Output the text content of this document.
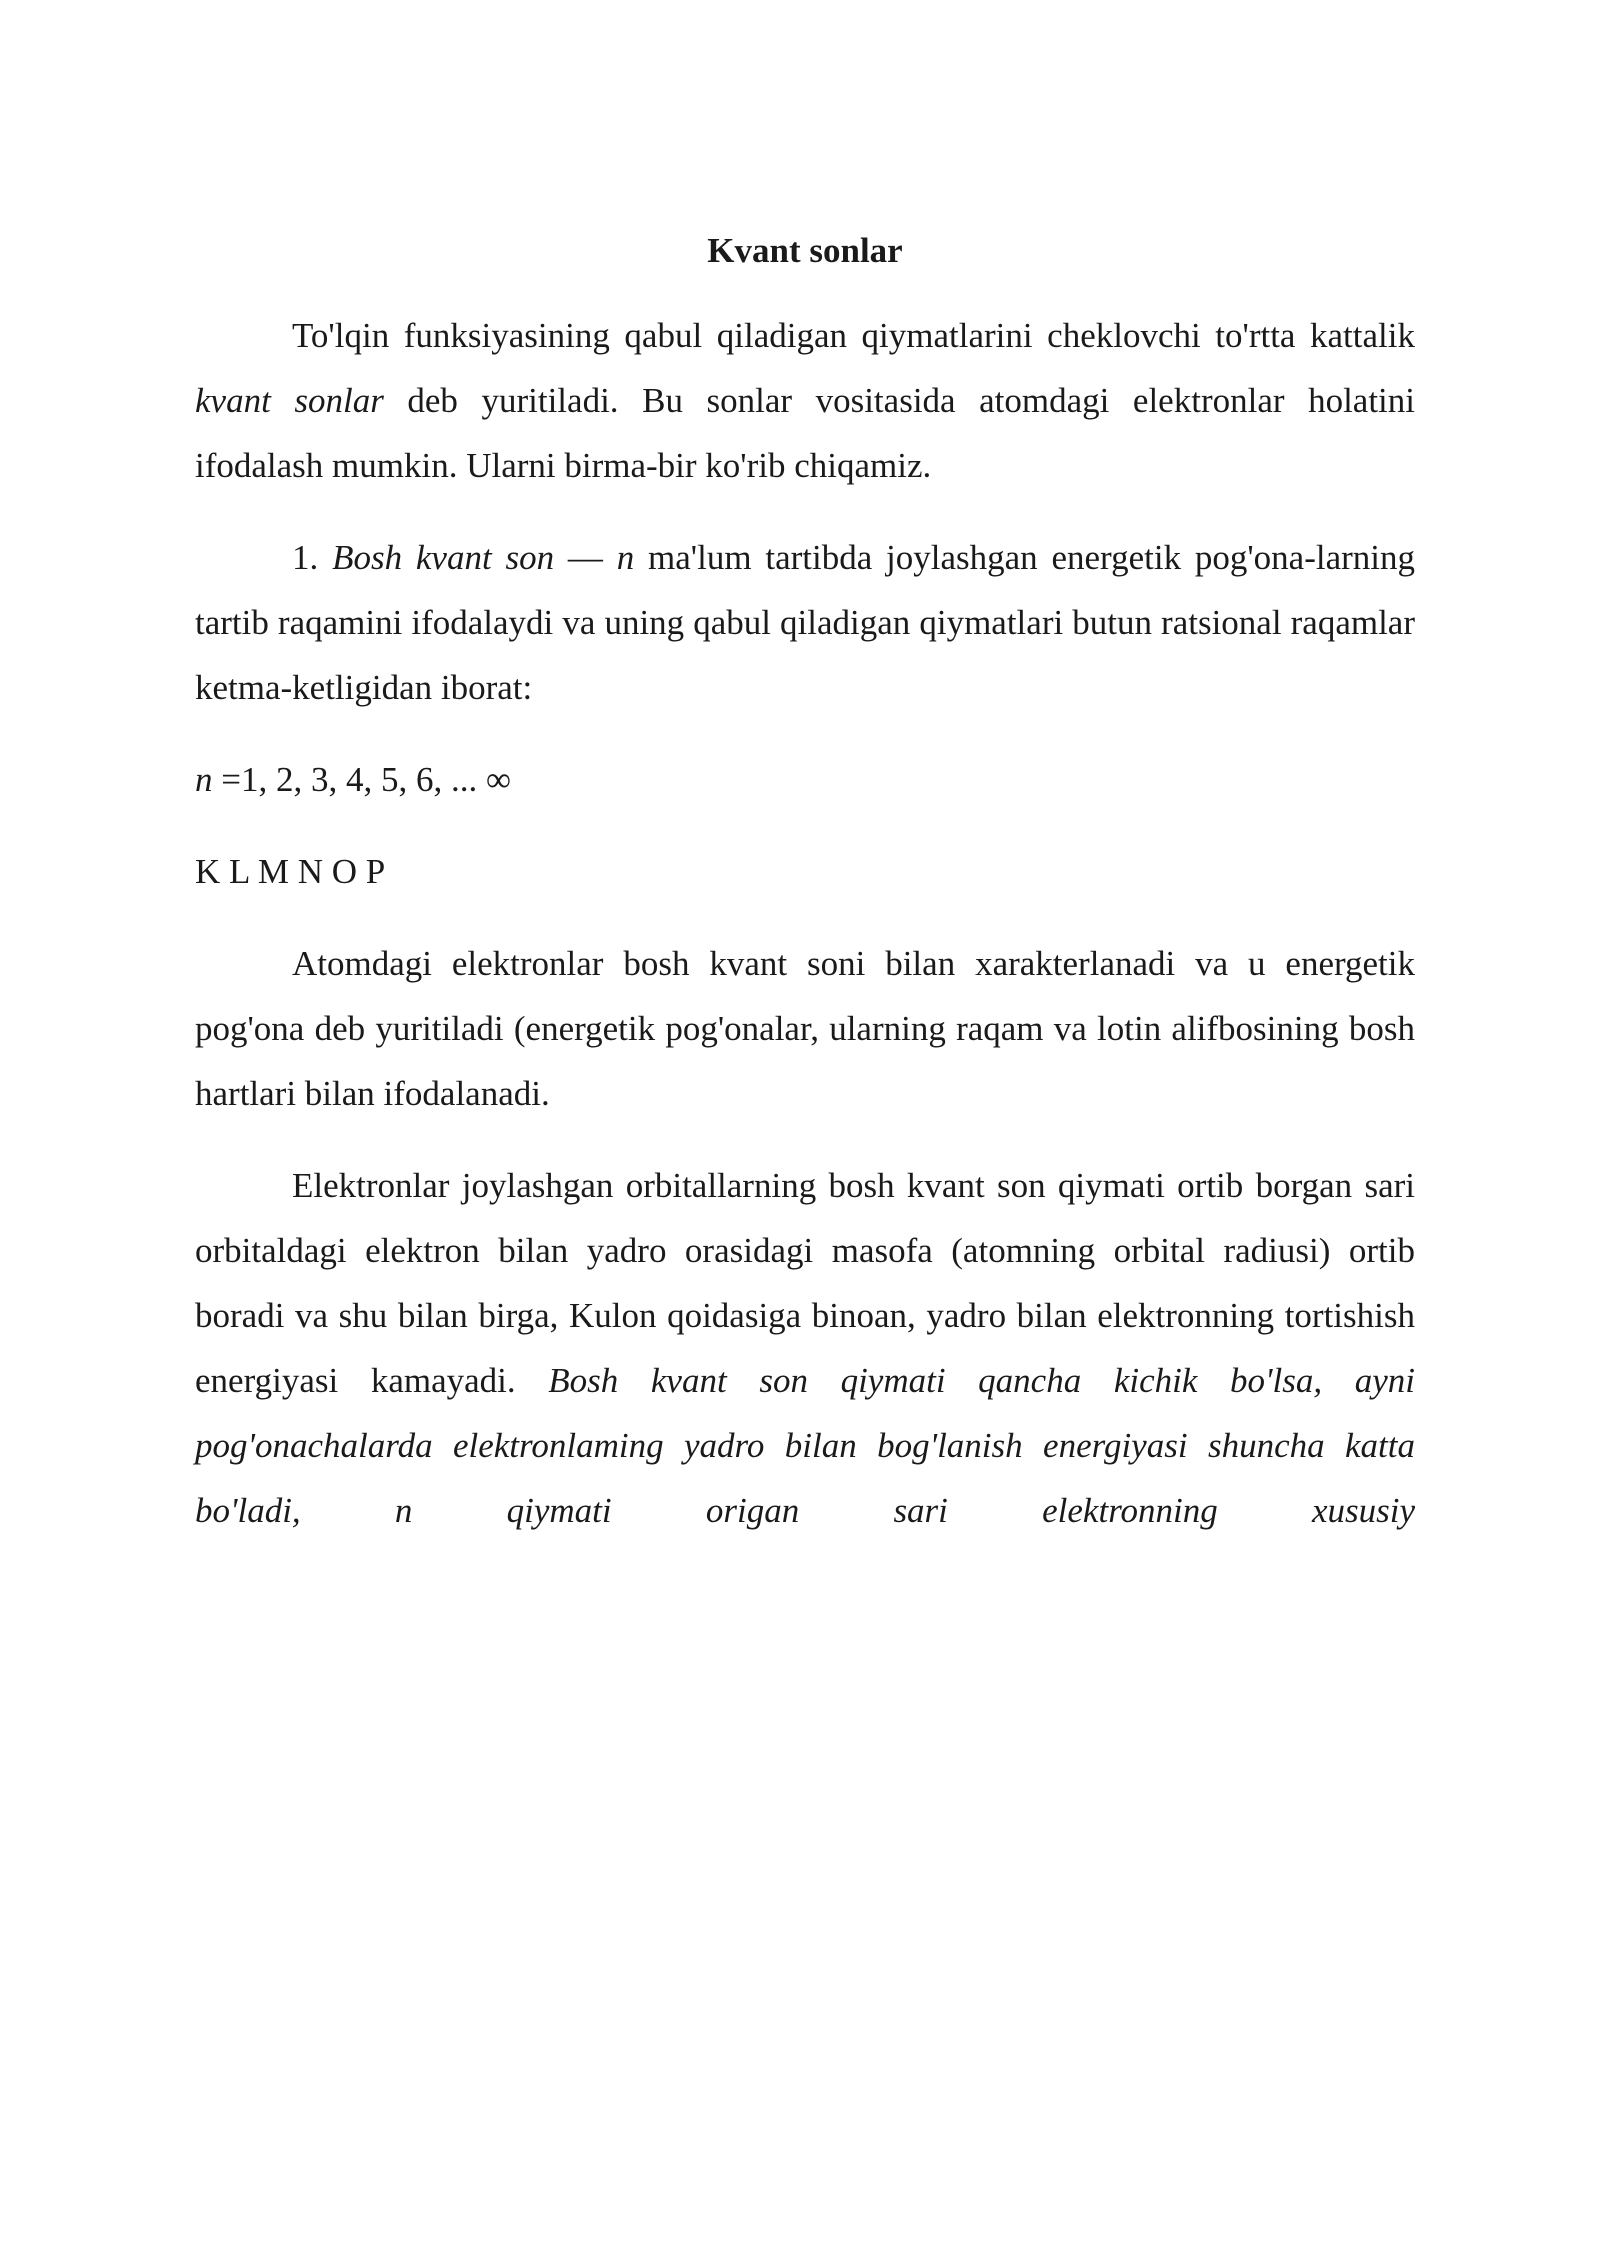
Kvant sonlar

To'lqin funksiyasining qabul qiladigan qiymatlarini cheklovchi to'rtta kattalik kvant sonlar deb yuritiladi. Bu sonlar vositasida atomdagi elektronlar holatini ifodalash mumkin. Ularni birma-bir ko'rib chiqamiz.

1. Bosh kvant son — n ma'lum tartibda joylashgan energetik pog'ona-larning tartib raqamini ifodalaydi va uning qabul qiladigan qiymatlari butun ratsional raqamlar ketma-ketligidan iborat:

n =1, 2, 3, 4, 5, 6, ... ∞

K L M N O P

Atomdagi elektronlar bosh kvant soni bilan xarakterlanadi va u energetik pog'ona deb yuritiladi (energetik pog'onalar, ularning raqam va lotin alifbosining bosh hartlari bilan ifodalanadi.

Elektronlar joylashgan orbitallarning bosh kvant son qiymati ortib borgan sari orbitaldagi elektron bilan yadro orasidagi masofa (atomning orbital radiusi) ortib boradi va shu bilan birga, Kulon qoidasiga binoan, yadro bilan elektronning tortishish energiyasi kamayadi. Bosh kvant son qiymati qancha kichik bo'lsa, ayni pog'onachalarda elektronlaming yadro bilan bog'lanish energiyasi shuncha katta bo'ladi, n qiymati origan sari elektronning xususiy
